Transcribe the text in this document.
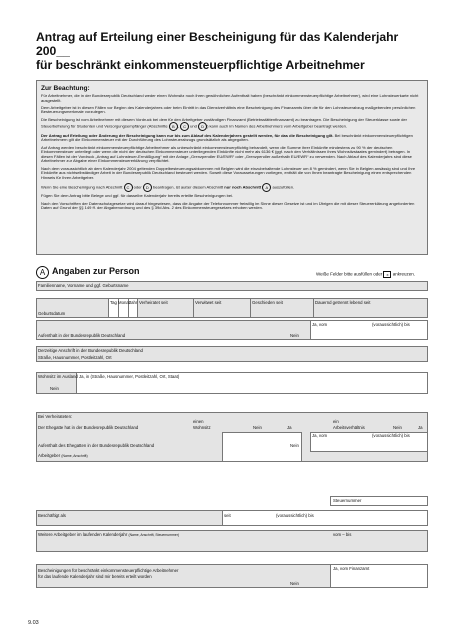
Antrag auf Erteilung einer Bescheinigung für das Kalenderjahr 200__
für beschränkt einkommensteuerpflichtige Arbeitnehmer
Zur Beachtung:

Für Arbeitnehmer, die in der Bundesrepublik Deutschland weder einen Wohnsitz noch ihren gewöhnlichen Aufenthalt haben (beschränkt einkommensteuerpflichtige Arbeitnehmer), wird eine Lohnsteuerkarte nicht ausgestellt.

Dem Arbeitgeber ist in diesen Fällen vor Beginn des Kalenderjahres oder beim Eintritt in das Dienstverhältnis eine Bescheinigung des Finanzamts über die für den Lohnsteuerabzug maßgebenden persönlichen Besteuerungsmerkmale vorzulegen.

Die Bescheinigung ist vom Arbeitnehmer mit diesem Vordruck bei dem für den Arbeitgeber zuständigen Finanzamt (Betriebsstättenfinanzamt) zu beantragen. Die Bescheinigung der Steuerklasse sowie der Steuerbefreiung für Studenten und Versorgungsempfänger (Abschnitte B , C und D ) kann auch im Namen des Arbeitnehmers vom Arbeitgeber beantragt werden.

Der Antrag auf Erteilung oder Änderung der Bescheinigung kann nur bis zum Ablauf des Kalenderjahres gestellt werden, für das die Bescheinigung gilt. Bei beschränkt einkommensteuerpflichtigen Arbeitnehmern gilt die Einkommensteuer mit der Durchführung des Lohnsteuerabzugs grundsätzlich als abgegolten.

Auf Antrag werden beschränkt einkommensteuerpflichtige Arbeitnehmer als unbeschränkt einkommensteuerpflichtig behandelt, wenn die Summe ihrer Einkünfte mindestens zu 90 % der deutschen Einkommensteuer unterliegt oder wenn die nicht der deutschen Einkommensteuer unterliegenden Einkünfte nicht mehr als 6136 € (ggf. nach den Verhältnissen ihres Wohnsitzstaates gemindert) betragen. In diesen Fällen ist der Vordruck „Antrag auf Lohnsteuer-Ermäßigung“ mit der Anlage „Grenzpendler EU/EWR“ oder „Grenzpendler außerhalb EU/EWR“ zu verwenden. Nach Ablauf des Kalenderjahrs sind diese Arbeitnehmer zur Abgabe einer Einkommensteuererklärung verpflichtet.

Nach dem voraussichtlich ab dem Kalenderjahr 2004 geltenden Doppelbesteuerungsabkommen mit Belgien wird die einzubehaltende Lohnsteuer um 8 % gemindert, wenn Sie in Belgien ansässig sind und Ihre Einkünfte aus nichtselbständiger Arbeit in der Bundesrepublik Deutschland besteuert werden. Soweit diese Voraussetzungen vorliegen, enthält die von Ihnen beantragte Bescheinigung einen entsprechenden Hinweis für Ihren Arbeitgeber.

Wenn Sie eine Bescheinigung nach Abschnitt C oder D beantragen, ist außer diesem Abschnitt nur noch Abschnitt A auszufüllen.

Fügen Sie dem Antrag bitte Belege und ggf. für dasselbe Kalenderjahr bereits erteilte Bescheinigungen bei.

Nach den Vorschriften der Datenschutzgesetze wird darauf hingewiesen, dass die Angabe der Telefonnummer freiwillig im Sinne dieser Gesetze ist und im Übrigen die mit dieser Steuererklärung angeforderten Daten auf Grund der §§ 149 ff. der Abgabenordnung und des § 39d Abs. 2 des Einkommensteuergesetzes erhoben werden.

A Angaben zur Person	Weiße Felder bitte ausfüllen oder x ankreuzen.
Familienname, Vorname und ggf. Geburtsname
Tag Monat Jahr Verheiratet seit	Verwitwet seit	Geschieden seit	Dauernd getrennt lebend seit
Geburtsdatum
Aufenthalt in der Bundesrepublik Deutschland	Nein
Ja, vom	(voraussichtlich) bis
Derzeitige Anschrift in der Bundesrepublik Deutschland
Straße, Hausnummer, Postleitzahl, Ort
Wohnsitz im Ausland
Nein
Ja, in (Straße, Hausnummer, Postleitzahl, Ort, Staat)
Bei Verheirateten:
Der Ehegatte hat in der Bundesrepublik Deutschland
einen
Wohnsitz	Nein	Ja
ein
Arbeitsverhältnis	Nein	Ja
Ja, vom	(voraussichtlich) bis
Aufenthalt des Ehegatten in der Bundesrepublik Deutschland	Nein
Arbeitgeber (Name, Anschrift)
Steuernummer
Beschäftigt als	seit	(voraussichtlich) bis
Weitere Arbeitgeber im laufenden Kalenderjahr (Name, Anschrift, Steuernummer)	vom – bis
Bescheinigungen für beschränkt einkommensteuerpflichtige Arbeitnehmer
für das laufende Kalenderjahr sind mir bereits erteilt worden
Nein
Ja, vom Finanzamt
9.03
